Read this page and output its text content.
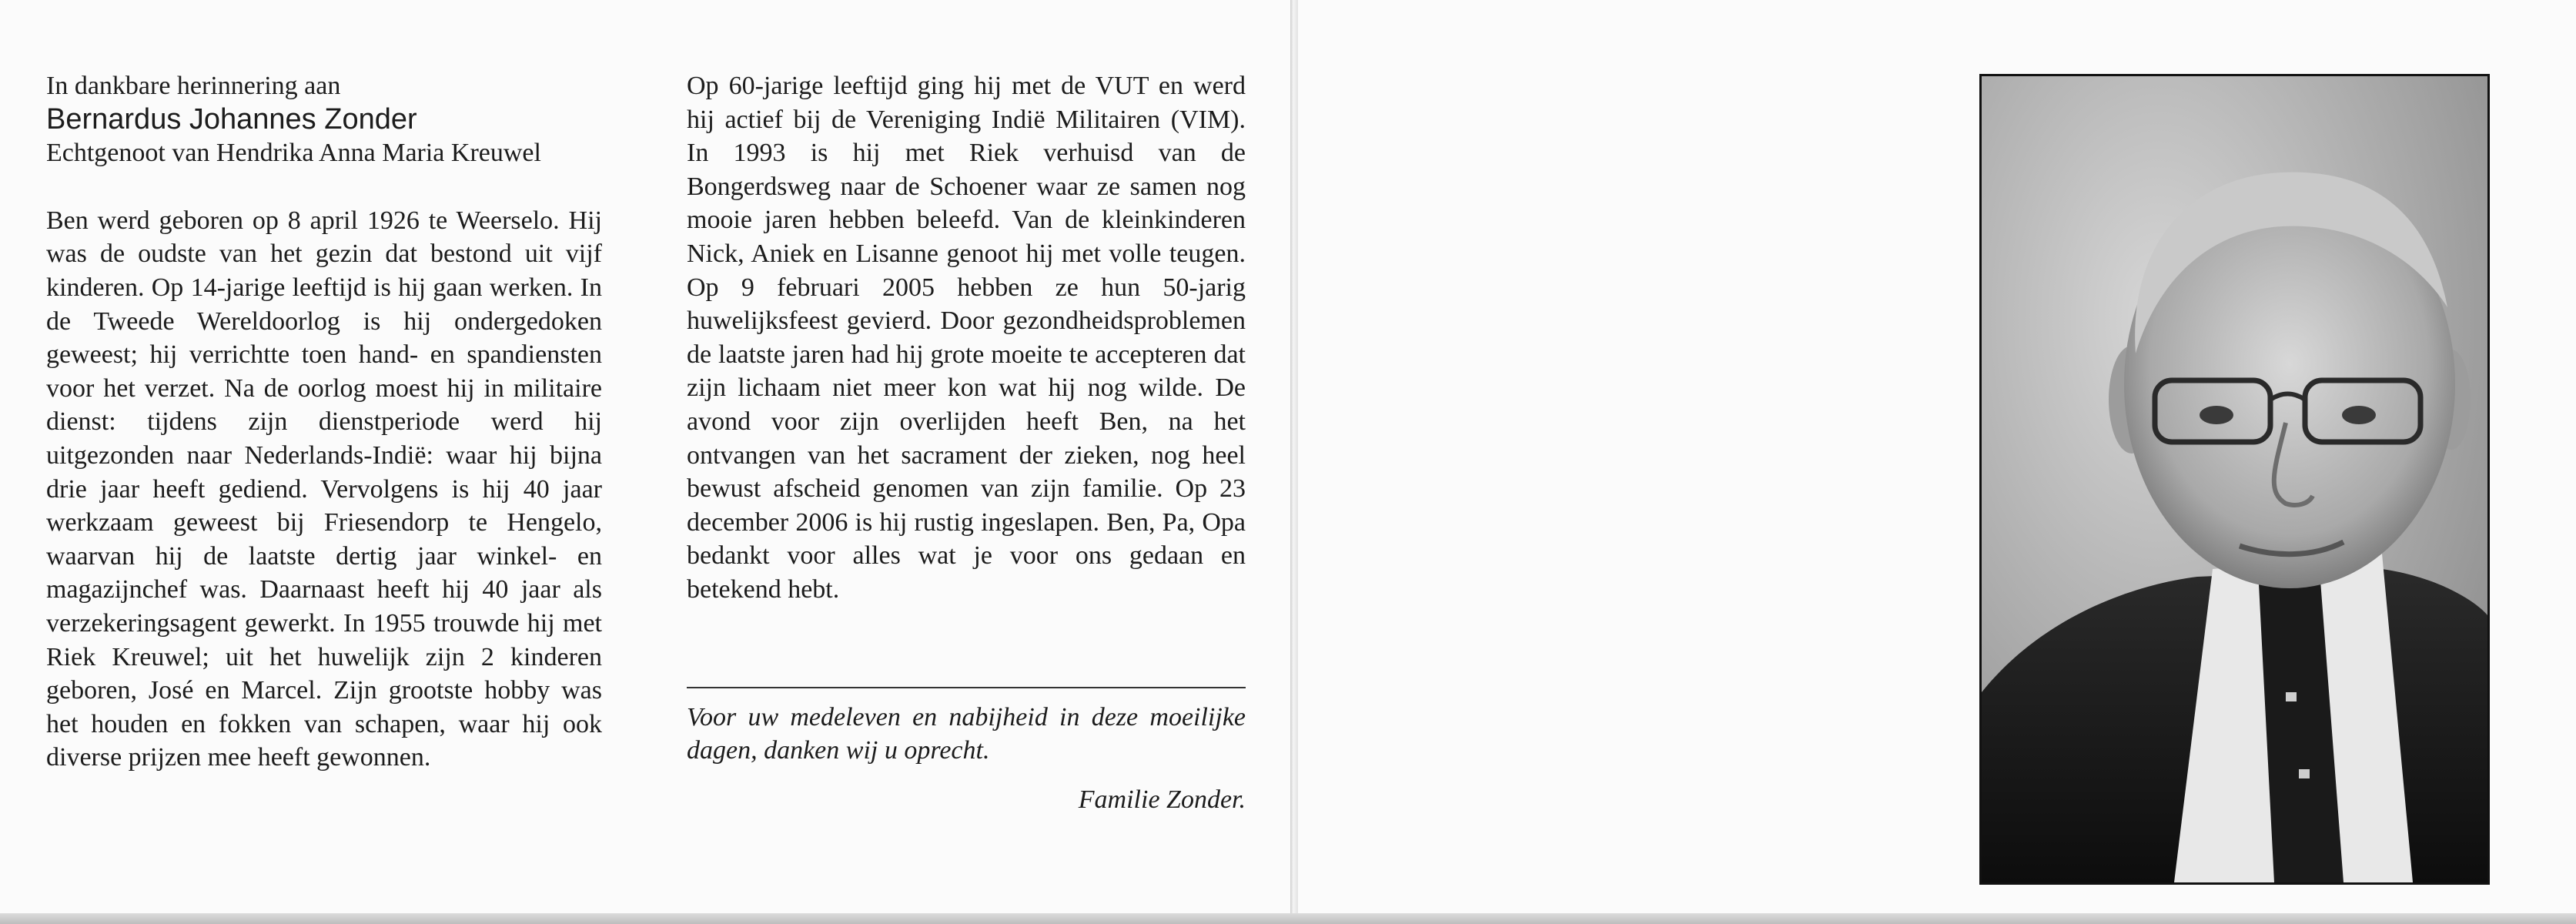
In dankbare herinnering aan

Bernardus Johannes Zonder

Echtgenoot van Hendrika Anna Maria Kreuwel

Ben werd geboren op 8 april 1926 te Weerselo. Hij was de oudste van het gezin dat bestond uit vijf kinderen. Op 14-jarige leeftijd is hij gaan werken. In de Tweede Wereldoorlog is hij ondergedoken geweest; hij verrichtte toen hand- en spandiensten voor het verzet. Na de oorlog moest hij in militaire dienst: tijdens zijn dienstperiode werd hij uitgezonden naar Nederlands-Indië: waar hij bijna drie jaar heeft gediend. Vervolgens is hij 40 jaar werkzaam geweest bij Friesendorp te Hengelo, waarvan hij de laatste dertig jaar winkel- en magazijnchef was. Daarnaast heeft hij 40 jaar als verzekeringsagent gewerkt. In 1955 trouwde hij met Riek Kreuwel; uit het huwelijk zijn 2 kinderen geboren, José en Marcel. Zijn grootste hobby was het houden en fokken van schapen, waar hij ook diverse prijzen mee heeft gewonnen.

Op 60-jarige leeftijd ging hij met de VUT en werd hij actief bij de Vereniging Indië Militairen (VIM). In 1993 is hij met Riek verhuisd van de Bongerdsweg naar de Schoener waar ze samen nog mooie jaren hebben beleefd. Van de kleinkinderen Nick, Aniek en Lisanne genoot hij met volle teugen. Op 9 februari 2005 hebben ze hun 50-jarig huwelijksfeest gevierd. Door gezondheidsproblemen de laatste jaren had hij grote moeite te accepteren dat zijn lichaam niet meer kon wat hij nog wilde. De avond voor zijn overlijden heeft Ben, na het ontvangen van het sacrament der zieken, nog heel bewust afscheid genomen van zijn familie. Op 23 december 2006 is hij rustig ingeslapen. Ben, Pa, Opa bedankt voor alles wat je voor ons gedaan en betekend hebt.

Voor uw medeleven en nabijheid in deze moeilijke dagen, danken wij u oprecht.

Familie Zonder.
